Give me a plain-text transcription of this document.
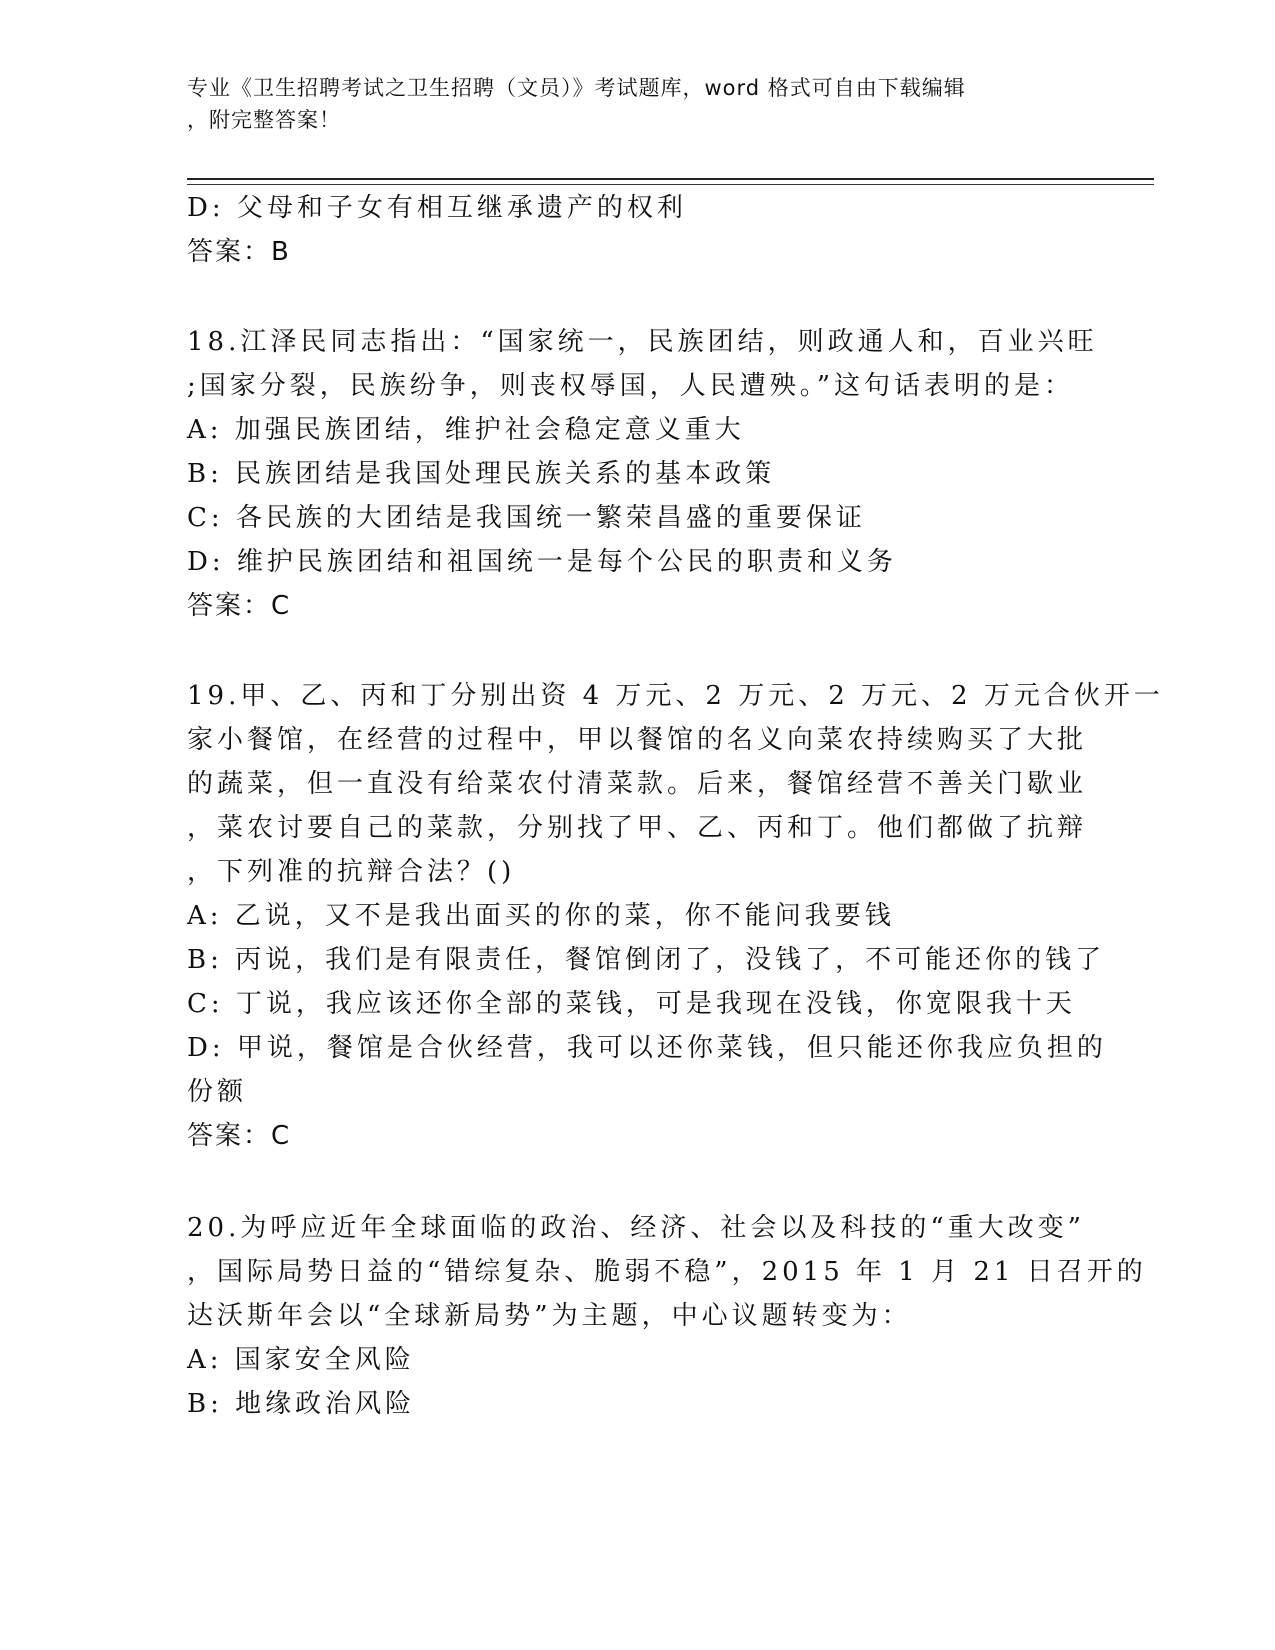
专业《卫生招聘考试之卫生招聘（文员）》考试题库，word 格式可自由下载编辑
，附完整答案！
D: 父母和子女有相互继承遗产的权利
答案：B
18.江泽民同志指出：“国家统一，民族团结，则政通人和，百业兴旺
;国家分裂，民族纷争，则丧权辱国，人民遭殃。”这句话表明的是：
A: 加强民族团结，维护社会稳定意义重大
B: 民族团结是我国处理民族关系的基本政策
C: 各民族的大团结是我国统一繁荣昌盛的重要保证
D: 维护民族团结和祖国统一是每个公民的职责和义务
答案：C
19.甲、乙、丙和丁分别出资 4 万元、2 万元、2 万元、2 万元合伙开一
家小餐馆，在经营的过程中，甲以餐馆的名义向菜农持续购买了大批
的蔬菜，但一直没有给菜农付清菜款。后来，餐馆经营不善关门歇业
，菜农讨要自己的菜款，分别找了甲、乙、丙和丁。他们都做了抗辩
，下列准的抗辩合法？()
A: 乙说，又不是我出面买的你的菜，你不能问我要钱
B: 丙说，我们是有限责任，餐馆倒闭了，没钱了，不可能还你的钱了
C: 丁说，我应该还你全部的菜钱，可是我现在没钱，你宽限我十天
D: 甲说，餐馆是合伙经营，我可以还你菜钱，但只能还你我应负担的
份额
答案：C
20.为呼应近年全球面临的政治、经济、社会以及科技的“重大改变”
，国际局势日益的“错综复杂、脆弱不稳”，2015 年 1 月 21 日召开的
达沃斯年会以“全球新局势”为主题，中心议题转变为：
A: 国家安全风险
B: 地缘政治风险
